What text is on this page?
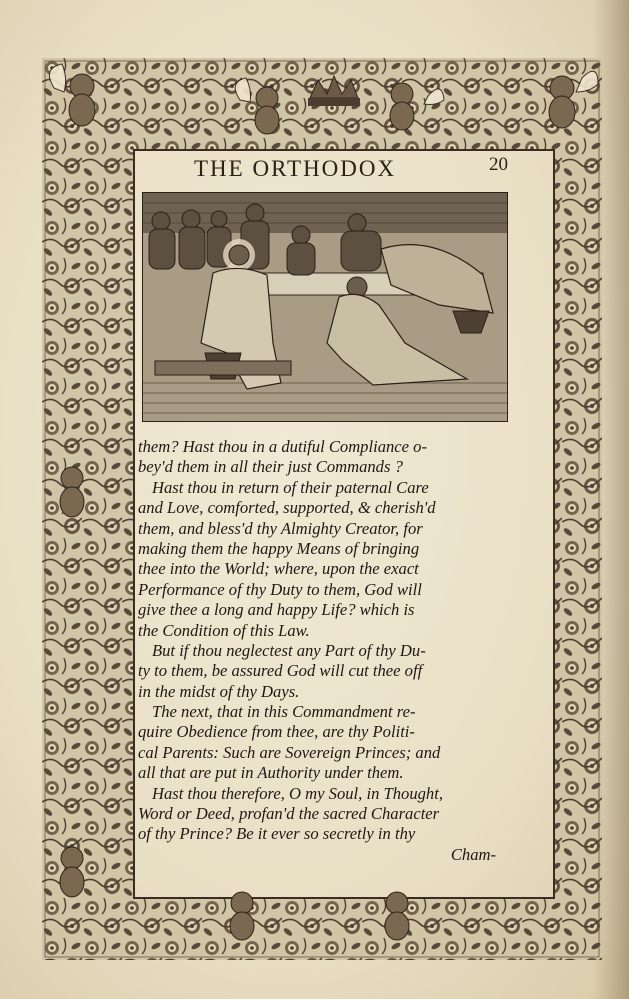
THE ORTHODOX	20
them? Hast thou in a dutiful Compliance o-
bey'd them in all their just Commands ?
Hast thou in return of their paternal Care
and Love, comforted, supported, & cherish'd
them, and bless'd thy Almighty Creator, for
making them the happy Means of bringing
thee into the World; where, upon the exact
Performance of thy Duty to them, God will
give thee a long and happy Life? which is
the Condition of this Law.
But if thou neglectest any Part of thy Du-
ty to them, be assured God will cut thee off
in the midst of thy Days.
The next, that in this Commandment re-
quire Obedience from thee, are thy Politi-
cal Parents: Such are Sovereign Princes; and
all that are put in Authority under them.
Hast thou therefore, O my Soul, in Thought,
Word or Deed, profan'd the sacred Character
of thy Prince? Be it ever so secretly in thy
Cham-
